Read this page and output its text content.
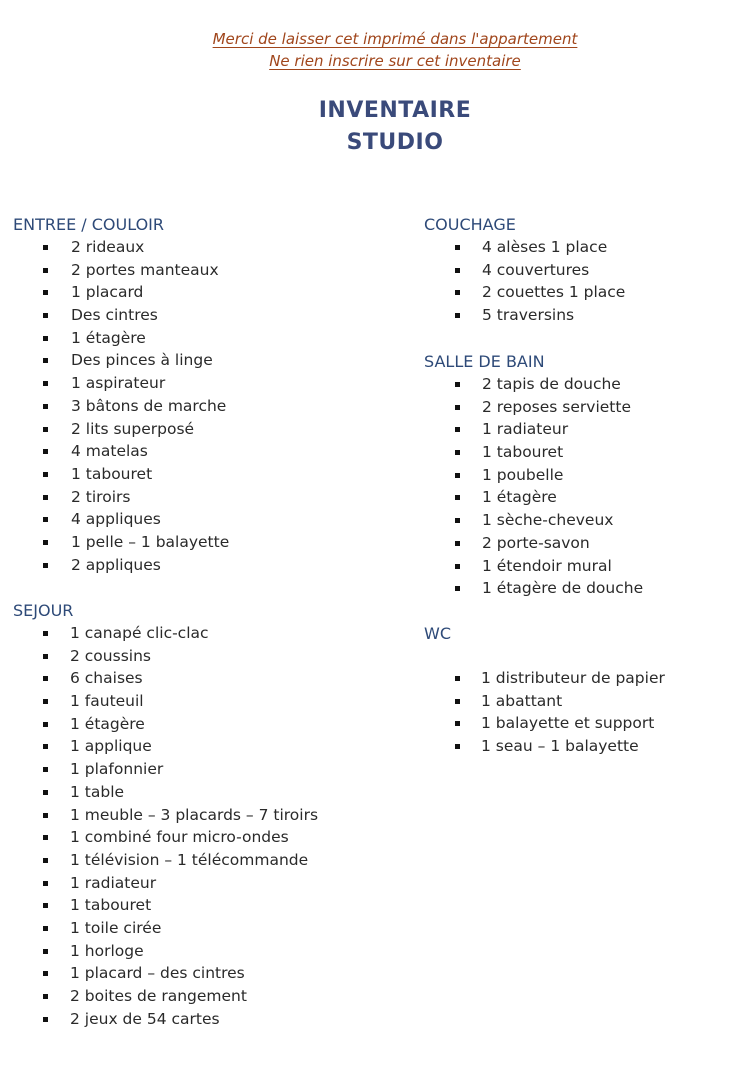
Merci de laisser cet imprimé dans l'appartement
Ne rien inscrire sur cet inventaire
INVENTAIRE
STUDIO
ENTREE / COULOIR
2 rideaux
2 portes manteaux
1 placard
Des cintres
1 étagère
Des pinces à linge
1 aspirateur
3 bâtons de marche
2 lits superposé
4 matelas
1 tabouret
2 tiroirs
4 appliques
1 pelle – 1 balayette
2 appliques
SEJOUR
1 canapé clic-clac
2 coussins
6 chaises
1 fauteuil
1 étagère
1 applique
1 plafonnier
1 table
1 meuble – 3 placards – 7 tiroirs
1 combiné four micro-ondes
1 télévision – 1 télécommande
1 radiateur
1 tabouret
1 toile cirée
1 horloge
1 placard – des cintres
2 boites de rangement
2 jeux de 54 cartes
COUCHAGE
4 alèses 1 place
4 couvertures
2 couettes 1 place
5 traversins
SALLE DE BAIN
2 tapis de douche
2 reposes serviette
1 radiateur
1 tabouret
1 poubelle
1 étagère
1 sèche-cheveux
2 porte-savon
1 étendoir mural
1 étagère de douche
WC
1 distributeur de papier
1 abattant
1 balayette et support
1 seau – 1 balayette
